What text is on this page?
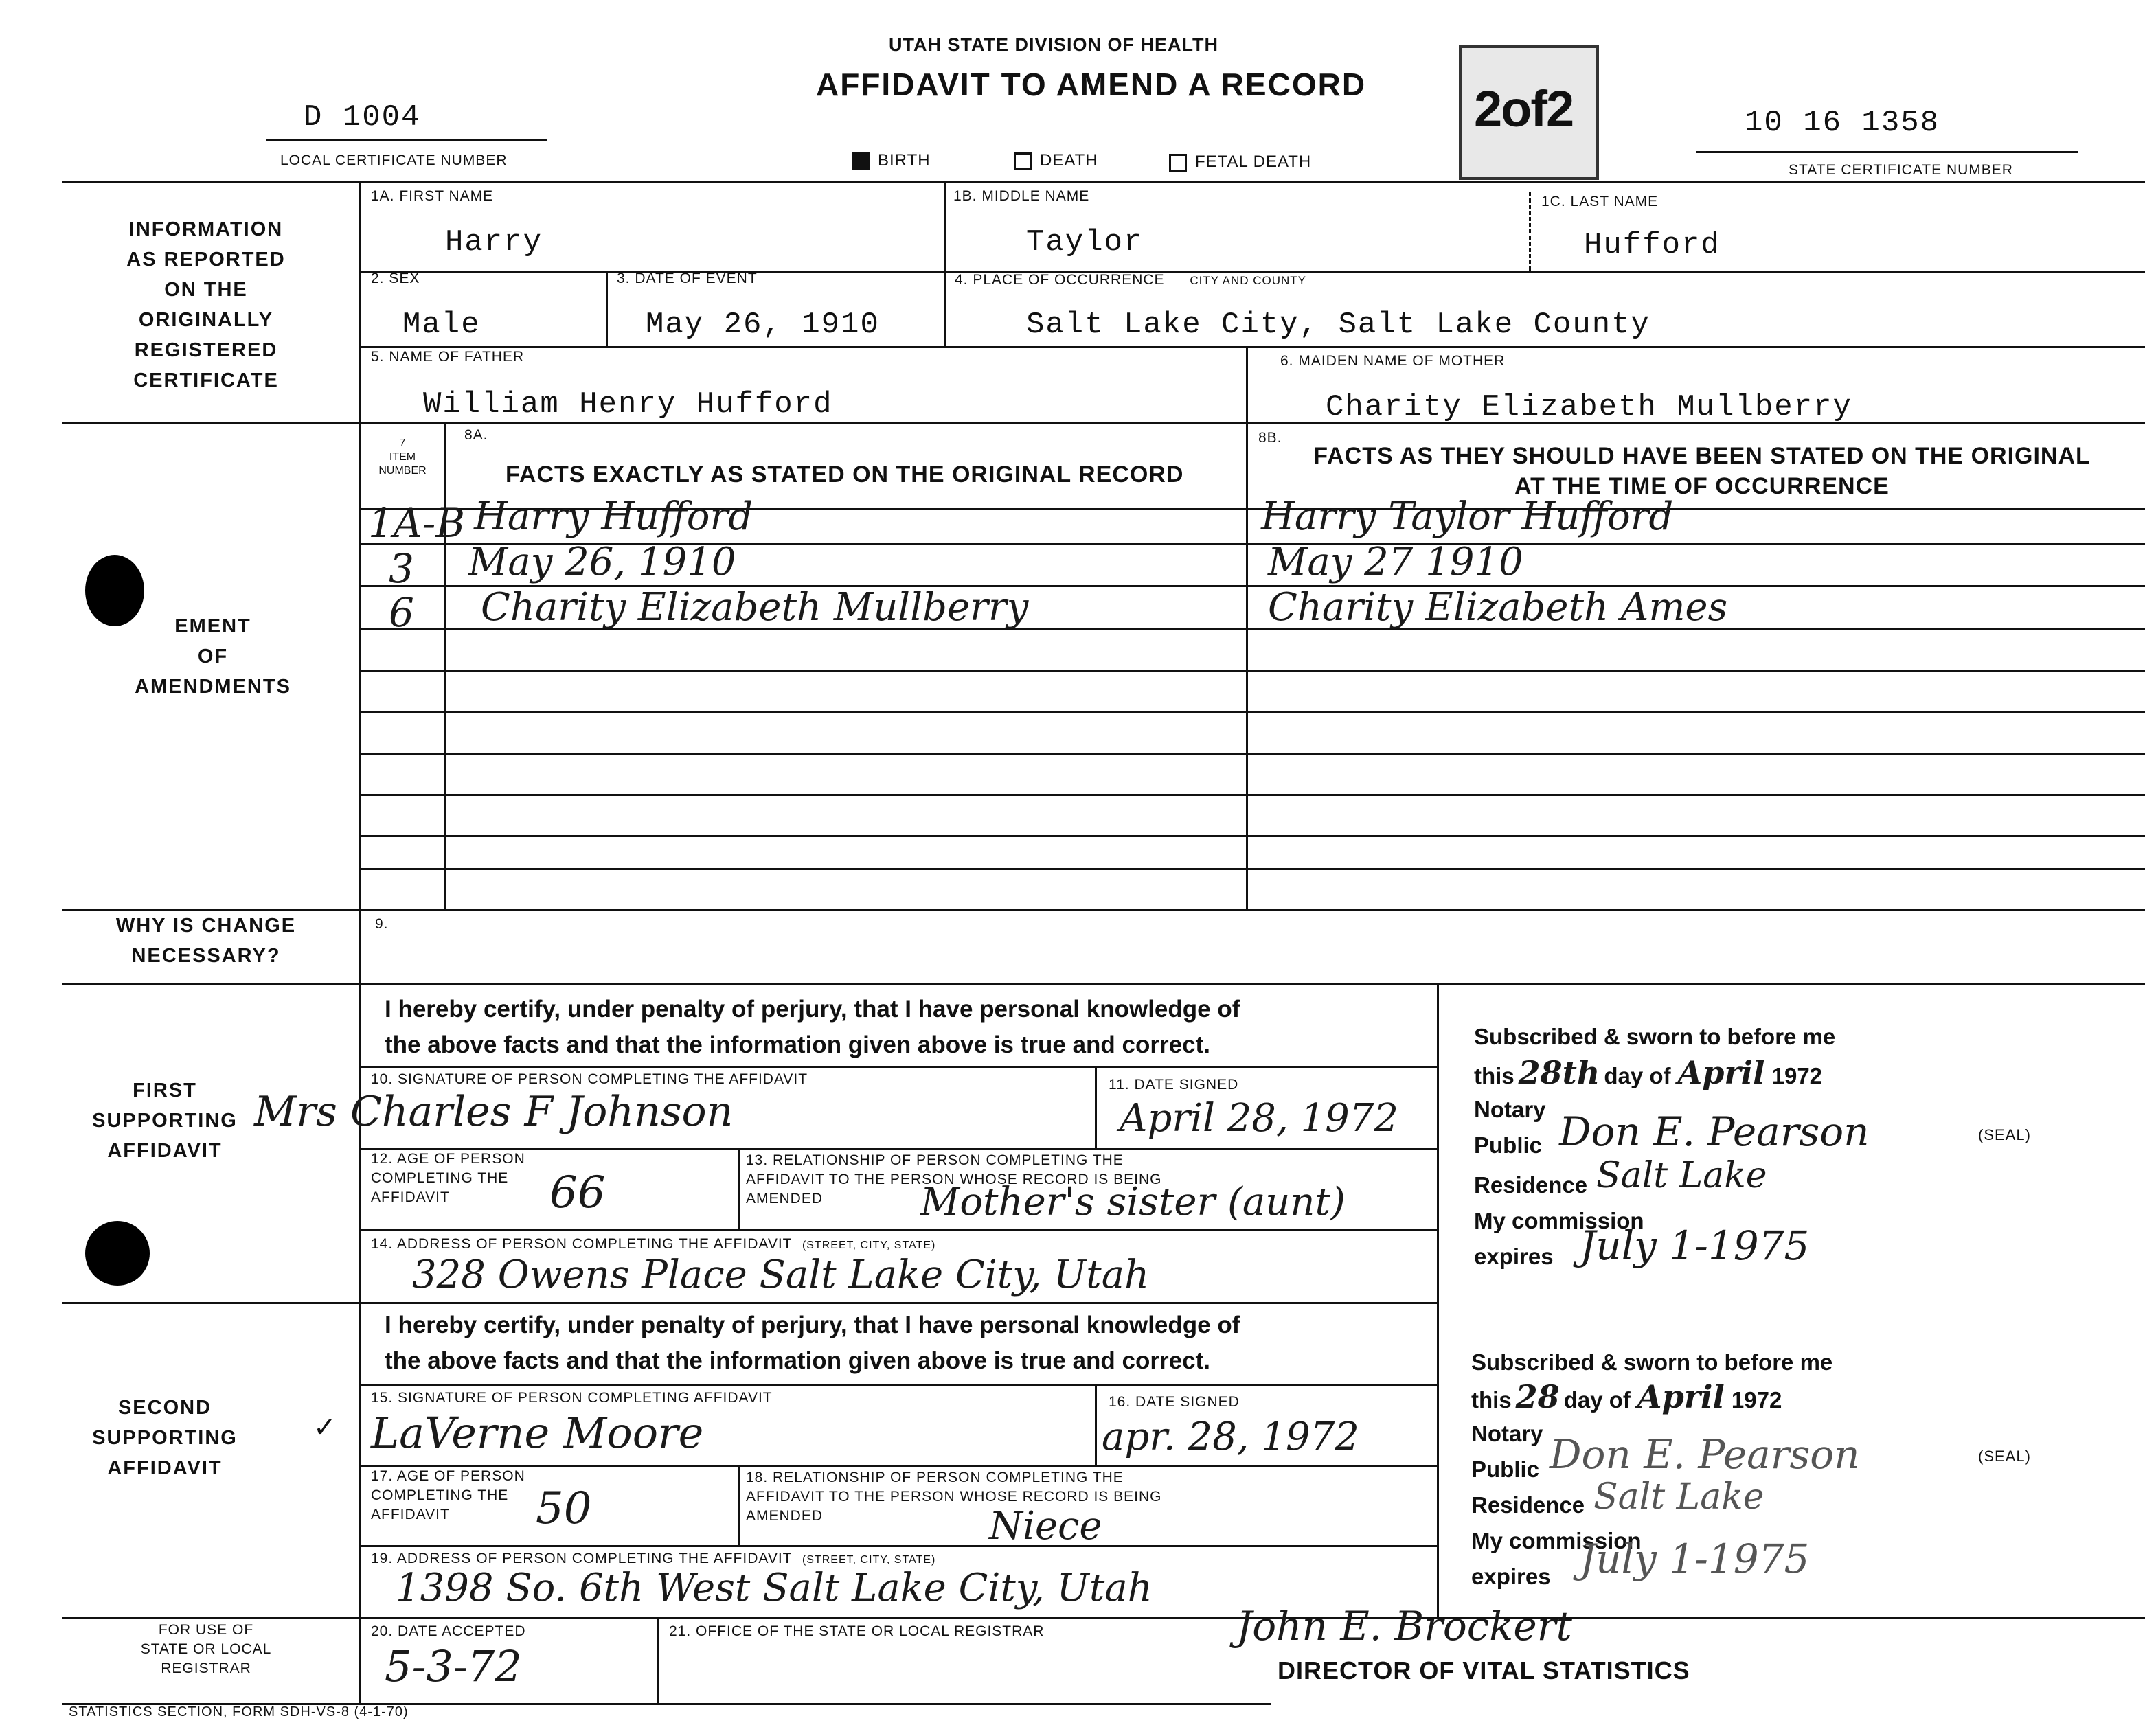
UTAH STATE DIVISION OF HEALTH
AFFIDAVIT TO AMEND A RECORD
D 1004
LOCAL CERTIFICATE NUMBER
10 16 1358
STATE CERTIFICATE NUMBER
2of2
BIRTH	DEATH	FETAL DEATH
INFORMATION
AS REPORTED
ON THE
ORIGINALLY
REGISTERED
CERTIFICATE
EMENT
OF
AMENDMENTS
WHY IS CHANGE
NECESSARY?
FIRST
SUPPORTING
AFFIDAVIT
SECOND
SUPPORTING
AFFIDAVIT
FOR USE OF
STATE OR LOCAL
REGISTRAR
1A. FIRST NAME
Harry
1B. MIDDLE NAME
Taylor
1C. LAST NAME
Hufford
2. SEX
Male
3. DATE OF EVENT
May 26, 1910
4. PLACE OF OCCURRENCE CITY AND COUNTY
Salt Lake City, Salt Lake County
5. NAME OF FATHER
William Henry Hufford
6. MAIDEN NAME OF MOTHER
Charity Elizabeth Mullberry
7
ITEM
NUMBER
8A.
FACTS EXACTLY AS STATED ON THE ORIGINAL RECORD
8B.
FACTS AS THEY SHOULD HAVE BEEN STATED ON THE ORIGINAL
AT THE TIME OF OCCURRENCE
1A-B Harry Hufford	Harry Taylor Hufford
3 May 26, 1910	May 27 1910
6 Charity Elizabeth Mullberry	Charity Elizabeth Ames
9.
I hereby certify, under penalty of perjury, that I have personal knowledge of
the above facts and that the information given above is true and correct.
10. SIGNATURE OF PERSON COMPLETING THE AFFIDAVIT
Mrs Charles F Johnson
11. DATE SIGNED
April 28, 1972
12. AGE OF PERSON COMPLETING THE AFFIDAVIT	66
13. RELATIONSHIP OF PERSON COMPLETING THE AFFIDAVIT TO THE PERSON WHOSE RECORD IS BEING AMENDED	Mother's sister (aunt)
14. ADDRESS OF PERSON COMPLETING THE AFFIDAVIT (STREET, CITY, STATE)
328 Owens Place Salt Lake City, Utah
I hereby certify, under penalty of perjury, that I have personal knowledge of
the above facts and that the information given above is true and correct.
15. SIGNATURE OF PERSON COMPLETING AFFIDAVIT
LaVerne Moore
✓
16. DATE SIGNED
apr. 28, 1972
17. AGE OF PERSON COMPLETING THE AFFIDAVIT	50
18. RELATIONSHIP OF PERSON COMPLETING THE AFFIDAVIT TO THE PERSON WHOSE RECORD IS BEING AMENDED	Niece
19. ADDRESS OF PERSON COMPLETING THE AFFIDAVIT (STREET, CITY, STATE)
1398 So. 6th West Salt Lake City, Utah
Subscribed & sworn to before me
this 28th day of April 1972
Notary
Public Don E. Pearson	(SEAL)
Residence Salt Lake
My commission
expires July 1-1975
Subscribed & sworn to before me
this 28 day of April 1972
Notary
Public Don E. Pearson	(SEAL)
Residence Salt Lake
My commission
expires July 1-1975
20. DATE ACCEPTED
5-3-72
21. OFFICE OF THE STATE OR LOCAL REGISTRAR	John E. Brockert
DIRECTOR OF VITAL STATISTICS
STATISTICS SECTION, FORM SDH-VS-8 (4-1-70)
